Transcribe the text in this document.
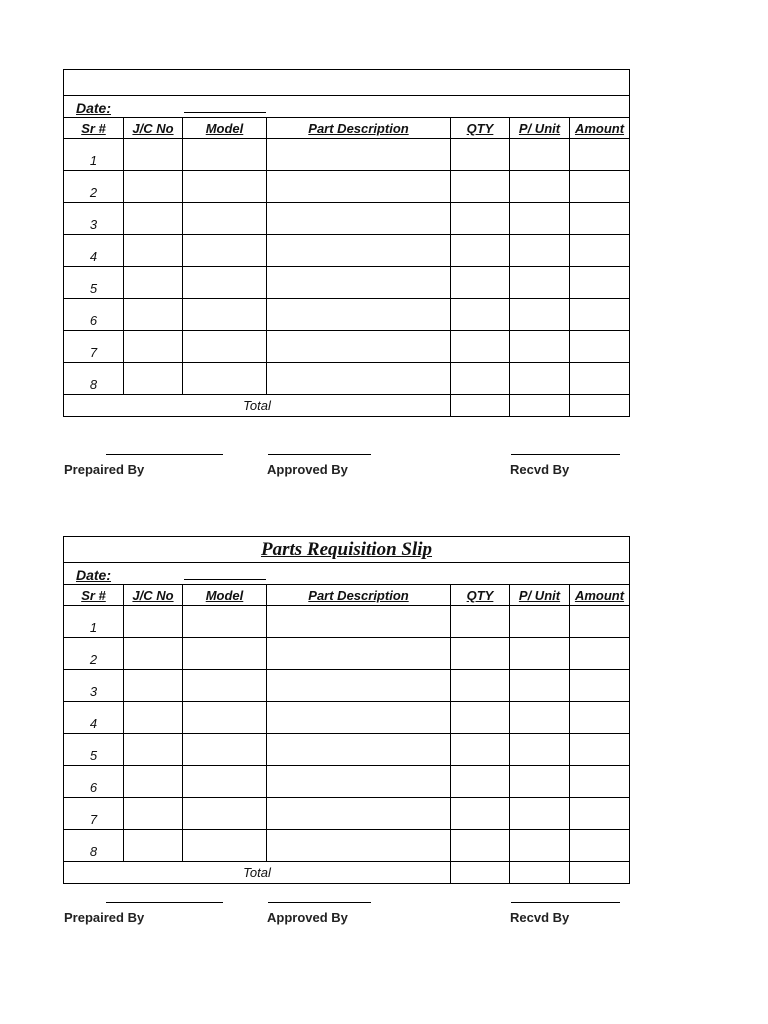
Date:						

Sr #	J/C No	Model	Part Description	QTY	P/ Unit	Amount
1						
2						
3						
4						
5						
6						
7						
8						
Total						
Prepaired By	Approved By	Recvd By
Parts Requisition Slip						

Date:						

Sr #	J/C No	Model	Part Description	QTY	P/ Unit	Amount
1						
2						
3						
4						
5						
6						
7						
8						
Total						
Prepaired By	Approved By	Recvd By
